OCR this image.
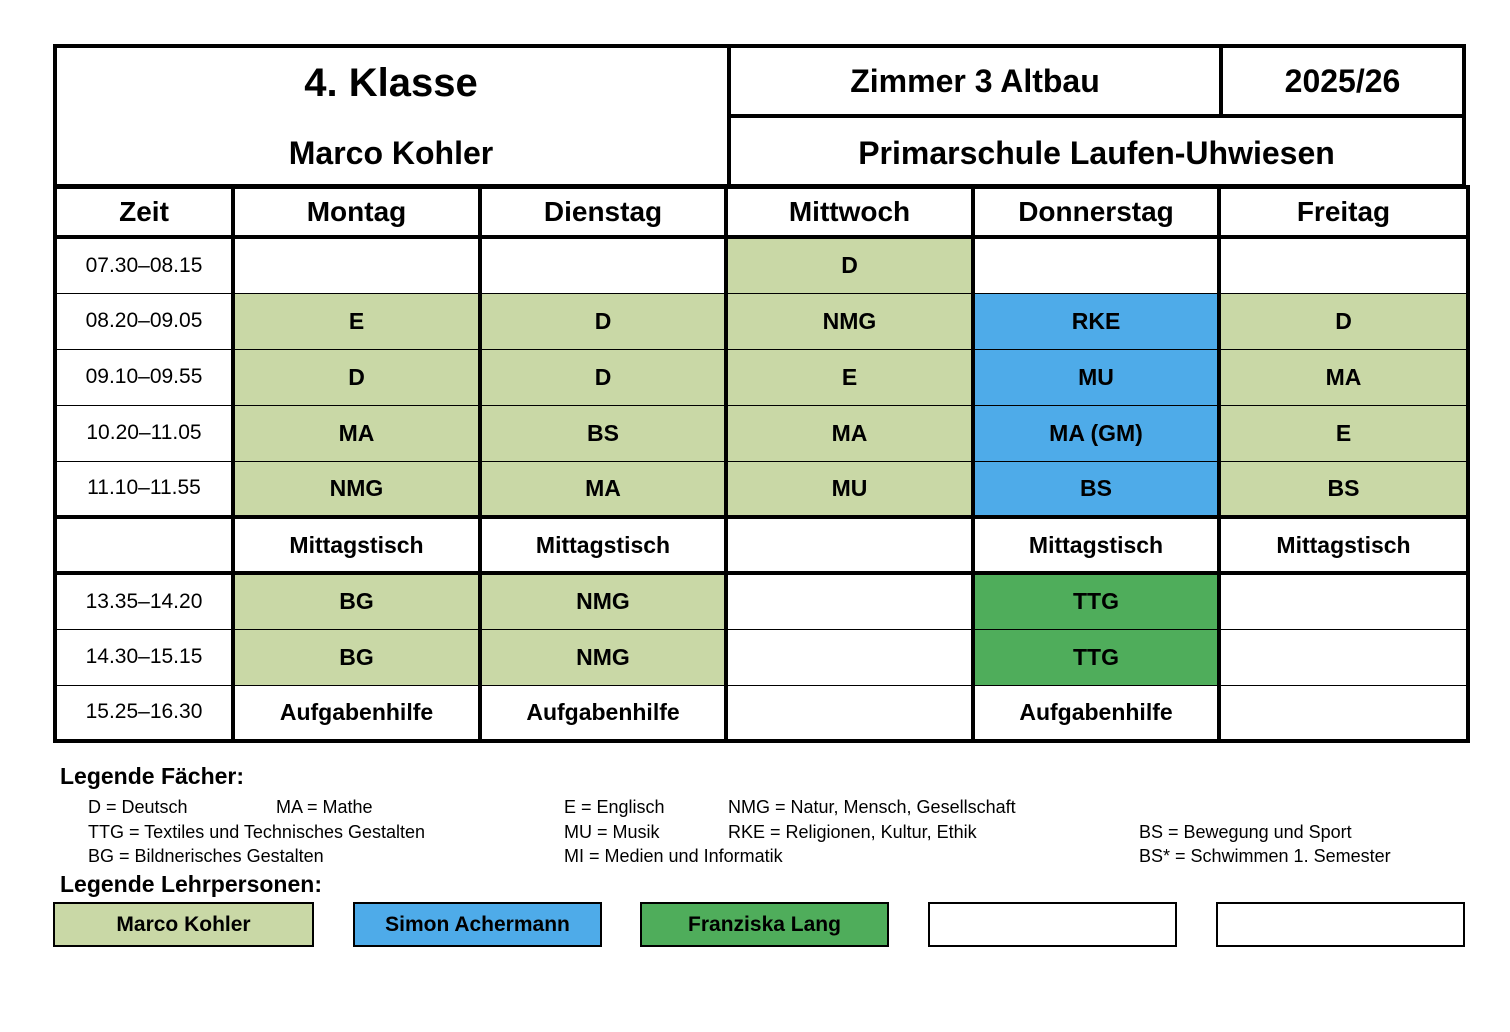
4. Klasse
Marco Kohler
Zimmer 3 Altbau	2025/26
Primarschule Laufen-Uhwiesen
Zeit	Montag	Dienstag	Mittwoch	Donnerstag	Freitag
07.30–08.15			D		
08.20–09.05	E	D	NMG	RKE	D
09.10–09.55	D	D	E	MU	MA
10.20–11.05	MA	BS	MA	MA (GM)	E
11.10–11.55	NMG	MA	MU	BS	BS
	Mittagstisch	Mittagstisch		Mittagstisch	Mittagstisch
13.35–14.20	BG	NMG		TTG	
14.30–15.15	BG	NMG		TTG	
15.25–16.30	Aufgabenhilfe	Aufgabenhilfe		Aufgabenhilfe	
Legende Fächer:
D = Deutsch	MA = Mathe	E = Englisch	NMG = Natur, Mensch, Gesellschaft
TTG = Textiles und Technisches Gestalten	MU = Musik	RKE = Religionen, Kultur, Ethik	BS = Bewegung und Sport
BG = Bildnerisches Gestalten	MI = Medien und Informatik	BS* = Schwimmen 1. Semester
Legende Lehrpersonen:
Marco Kohler	Simon Achermann	Franziska Lang
